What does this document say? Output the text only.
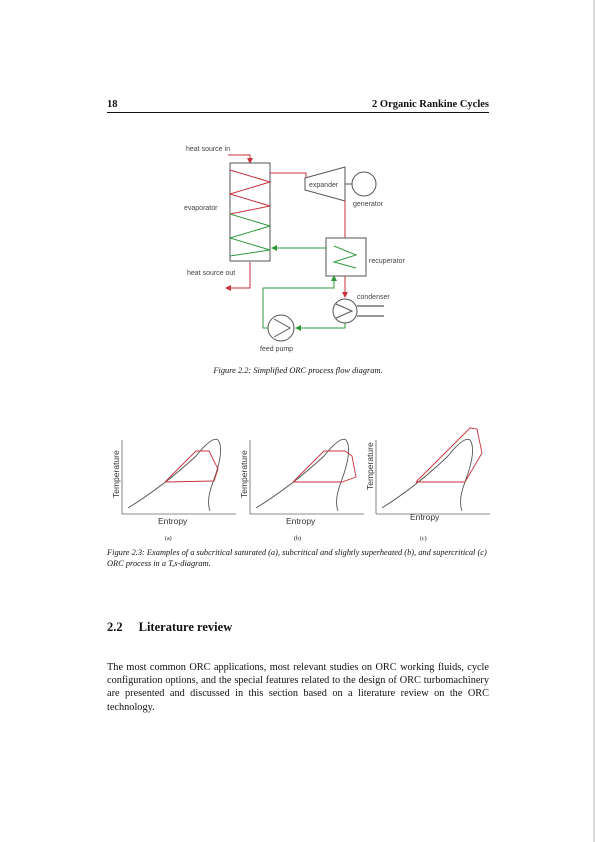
18	2 Organic Rankine Cycles
heat source in
evaporator
heat source out
expander
generator
recuperator
condenser
feed pump
Figure 2.2: Simplified ORC process flow diagram.
Temperature
Entropy
(a)
Temperature
Entropy
(b)
Temperature
Entropy
(c)
Figure 2.3: Examples of a subcritical saturated (a), subcritical and slightly superheated (b), and supercritical (c) ORC process in a T,s-diagram.
2.2 Literature review

The most common ORC applications, most relevant studies on ORC working fluids, cycle configuration options, and the special features related to the design of ORC turbomachinery are presented and discussed in this section based on a literature review on the ORC technology.
